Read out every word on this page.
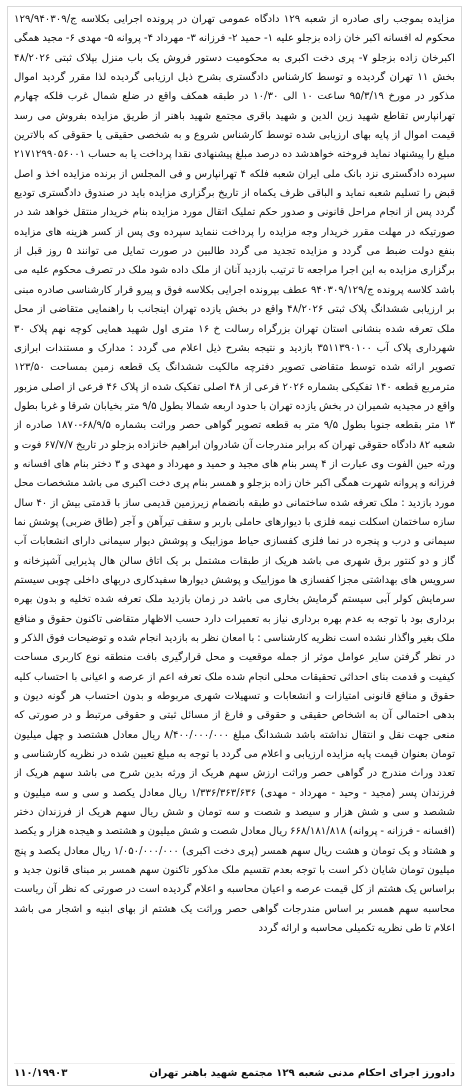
مزایده بموجب رای صادره از شعبه ۱۲۹ دادگاه عمومی تهران در پرونده اجرایی بکلاسه ج/۱۲۹/۹۴۰۳۰۹ محکوم له افسانه اکبر خان زاده بزجلو علیه ۱- حمید ۲- فرزانه ۳- مهرداد ۴- پروانه ۵- مهدی ۶- مجید همگی اکبرخان زاده بزجلو ۷- پری دخت اکبری به محکومیت دستور فروش یک باب منزل بپلاک ثبتی ۴۸/۲۰۲۶ بخش ۱۱ تهران گردیده و توسط کارشناس دادگستری بشرح ذیل ارزیابی گردیده لذا مقرر گردید اموال مذکور در مورخ ۹۵/۳/۱۹ ساعت ۱۰ الی ۱۰/۳۰ در طبقه همکف واقع در ضلع شمال غرب فلکه چهارم تهرانپارس تقاطع شهید زین الدین و شهید باقری مجتمع شهید باهنر از طریق مزایده بفروش می رسد قیمت اموال از پایه بهای ارزیابی شده توسط کارشناس شروع و به شخصی حقیقی یا حقوقی که بالاترین مبلغ را پیشنهاد نماید فروخته خواهدشد ده درصد مبلغ پیشنهادی نقدا پرداخت یا به حساب ۲۱۷۱۲۹۹۰۵۶۰۰۱ سپرده دادگستری نزد بانک ملی ایران شعبه فلکه ۴ تهرانپارس و فی المجلس از برنده مزایده اخذ و اصل قبض را تسلیم شعبه نماید و الباقی ظرف یکماه از تاریخ برگزاری مزایده باید در صندوق دادگستری تودیع گردد پس از انجام مراحل قانونی و صدور حکم تملیک اتقال مورد مزایده بنام خریدار منتقل خواهد شد در صورتیکه در مهلت مقرر خریدار وجه مزایده را پرداخت ننماید سپرده وی پس از کسر هزینه های مزایده بنفع دولت ضبط می گردد و مزایده تجدید می گردد طالبین در صورت تمایل می توانند ۵ روز قبل از برگزاری مزایده به این اجرا مراجعه تا ترتیب بازدید آنان از ملک داده شود ملک در تصرف محکوم علیه می باشد کلاسه پرونده ج/۹۴۰۳۰۹/۱۲۹ عطف بپرونده اجرایی بکلاسه فوق و پیرو قرار کارشناسی صادره مبنی بر ارزیابی ششدانگ پلاک ثبتی ۴۸/۲۰۲۶ واقع در بخش یازده تهران اینجانب با راهنمایی متقاضی از محل ملک تعرفه شده بنشانی استان تهران بزرگراه رسالت خ ۱۶ متری اول شهید همایی کوچه نهم پلاک ۳۰ شهرداری پلاک آب ۳۵۱۱۳۹۰۱۰۰ بازدید و نتیجه بشرح ذیل اعلام می گردد : مدارک و مستندات ابرازی تصویر ارائه شده توسط متقاضی تصویر دفترچه مالکیت ششدانگ یک قطعه زمین بمساحت ۱۲۳/۵۰ مترمربع قطعه ۱۴۰ تفکیکی بشماره ۲۰۲۶ فرعی از ۴۸ اصلی تفکیک شده از پلاک ۴۶ فرعی از اصلی مزبور واقع در مجیدیه شمیران در بخش یازده تهران با حدود اربعه شمالا بطول ۹/۵ متر بخیابان شرقا و غربا بطول ۱۳ متر بقطعه جنوبا بطول ۹/۵ متر به قطعه تصویر گواهی حصر وراثت بشماره ۶۸/۹/۵-۱۸۷۰ صادره از شعبه ۸۲ دادگاه حقوقی تهران که برابر مندرجات آن شادروان ابراهیم خانزاده بزجلو در تاریخ ۶۷/۷/۷ فوت و ورثه حین الفوت وی عبارت از ۴ پسر بنام های مجید و حمید و مهرداد و مهدی و ۳ دختر بنام های افسانه و فرزانه و پروانه شهرت همگی اکبر خان زاده بزجلو و همسر بنام پری دخت اکبری می باشد مشخصات محل مورد بازدید : ملک تعرفه شده ساختمانی دو طبقه بانضمام زیرزمین قدیمی ساز با قدمتی بیش از ۴۰ سال سازه ساختمان اسکلت نیمه فلزی با دیوارهای حاملی باربر و سقف تیرآهن و آجر (طاق ضربی) پوشش نما سیمانی و درب و پنجره در نما فلزی کفسازی حیاط موزاییک و پوشش دیوار سیمانی دارای انشعابات آب گاز و دو کنتور برق شهری می باشد هریک از طبقات مشتمل بر یک اتاق سالن هال پذیرایی آشپزخانه و سرویس های بهداشتی مجزا کفسازی ها موزاییک و پوشش دیوارها سفیدکاری دربهای داخلی چوبی سیستم سرمایش کولر آبی سیستم گرمایش بخاری می باشد در زمان بازدید ملک تعرفه شده تخلیه و بدون بهره برداری بود با توجه به عدم بهره برداری نیاز به تعمیرات دارد حسب الاظهار متقاضی تاکنون حقوق و منافع ملک بغیر واگذار نشده است نظریه کارشناسی : با امعان نظر به بازدید انجام شده و توضیحات فوق الذکر و در نظر گرفتن سایر عوامل موثر از جمله موقعیت و محل قرارگیری بافت منطقه نوع کاربری مساحت کیفیت و قدمت بنای احداثی تحقیقات محلی انجام شده ملک تعرفه اعم از عرصه و اعیانی با احتساب کلیه حقوق و منافع قانونی امتیازات و انشعابات و تسهیلات شهری مربوطه و بدون احتساب هر گونه دیون و بدهی احتمالی آن به اشخاص حقیقی و حقوقی و فارغ از مسائل ثبتی و حقوقی مرتبط و در صورتی که منعی جهت نقل و انتقال نداشته باشد ششدانگ مبلغ ۸/۴۰۰/۰۰۰/۰۰۰ ریال معادل هشتصد و چهل میلیون تومان بعنوان قیمت پایه مزایده ارزیابی و اعلام می گردد با توجه به مبلغ تعیین شده در نظریه کارشناسی و تعدد وراث مندرج در گواهی حصر وراثت ارزش سهم هریک از ورثه بدین شرح می باشد سهم هریک از فرزندان پسر (مجید - وحید - مهرداد - مهدی) ۱/۳۳۶/۳۶۳/۶۳۶ ریال معادل یکصد و سی و سه میلیون و ششصد و سی و شش هزار و سیصد و شصت و سه تومان و شش ریال سهم هریک از فرزندان دختر (افسانه - فرزانه - پروانه) ۶۶۸/۱۸۱/۸۱۸ ریال معادل شصت و شش میلیون و هشتصد و هیجده هزار و یکصد و هشتاد و یک تومان و هشت ریال سهم همسر (پری دخت اکبری) ۱/۰۵۰/۰۰۰/۰۰۰ ریال معادل یکصد و پنج میلیون تومان شایان ذکر است با توجه بعدم تقسیم ملک مذکور تاکنون سهم همسر بر مبنای قانون جدید و براساس یک هشتم از کل قیمت عرصه و اعیان محاسبه و اعلام گردیده است در صورتی که نظر آن ریاست محاسبه سهم همسر بر اساس مندرجات گواهی حصر وراثت یک هشتم از بهای ابنیه و اشجار می باشد اعلام تا طی نظریه تکمیلی محاسبه و ارائه گردد

دادورز اجرای احکام مدنی شعبه ۱۲۹ مجتمع شهید باهنر تهران
۱۱۰/۱۹۹۰۳
